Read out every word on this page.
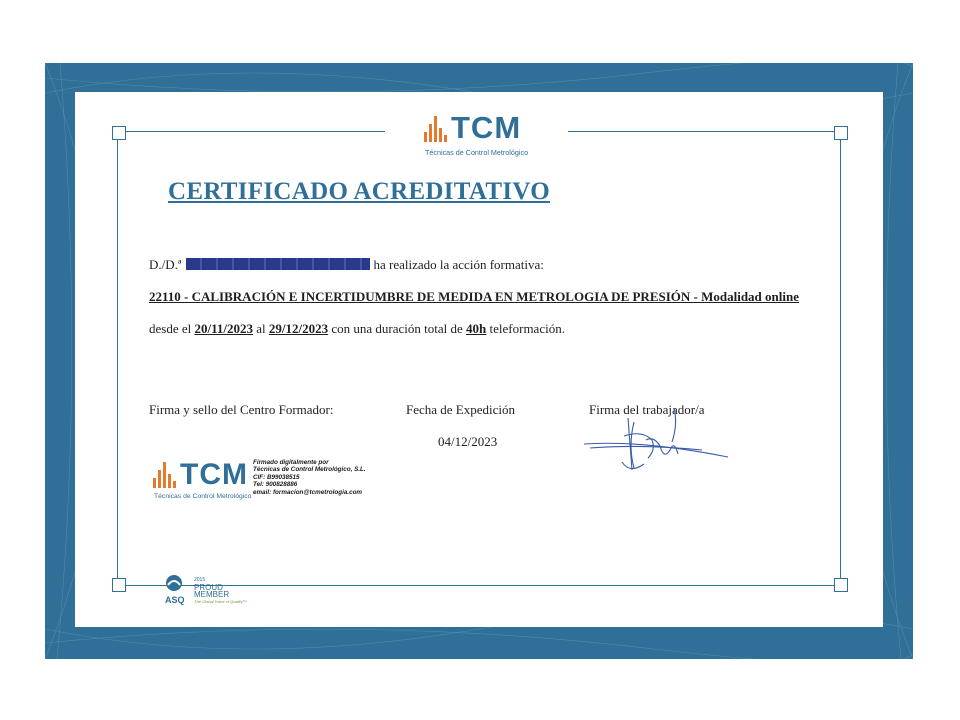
TCM
Técnicas de Control Metrológico
CERTIFICADO ACREDITATIVO
D./D.ª	ha realizado la acción formativa:
22110 - CALIBRACIÓN E INCERTIDUMBRE DE MEDIDA EN METROLOGIA DE PRESIÓN - Modalidad online
desde el 20/11/2023 al 29/12/2023 con una duración total de 40h teleformación.
Firma y sello del Centro Formador:	Fecha de Expedición	Firma del trabajador/a
04/12/2023
TCM
Técnicas de Control Metrológico
Firmado digitalmente por
Técnicas de Control Metrológico, S.L.
CIF: B99038515
Tel: 900828886
email: formacion@tcmetrologia.com
2015
PROUD
MEMBER
The Global Voice of Quality™
ASQ
